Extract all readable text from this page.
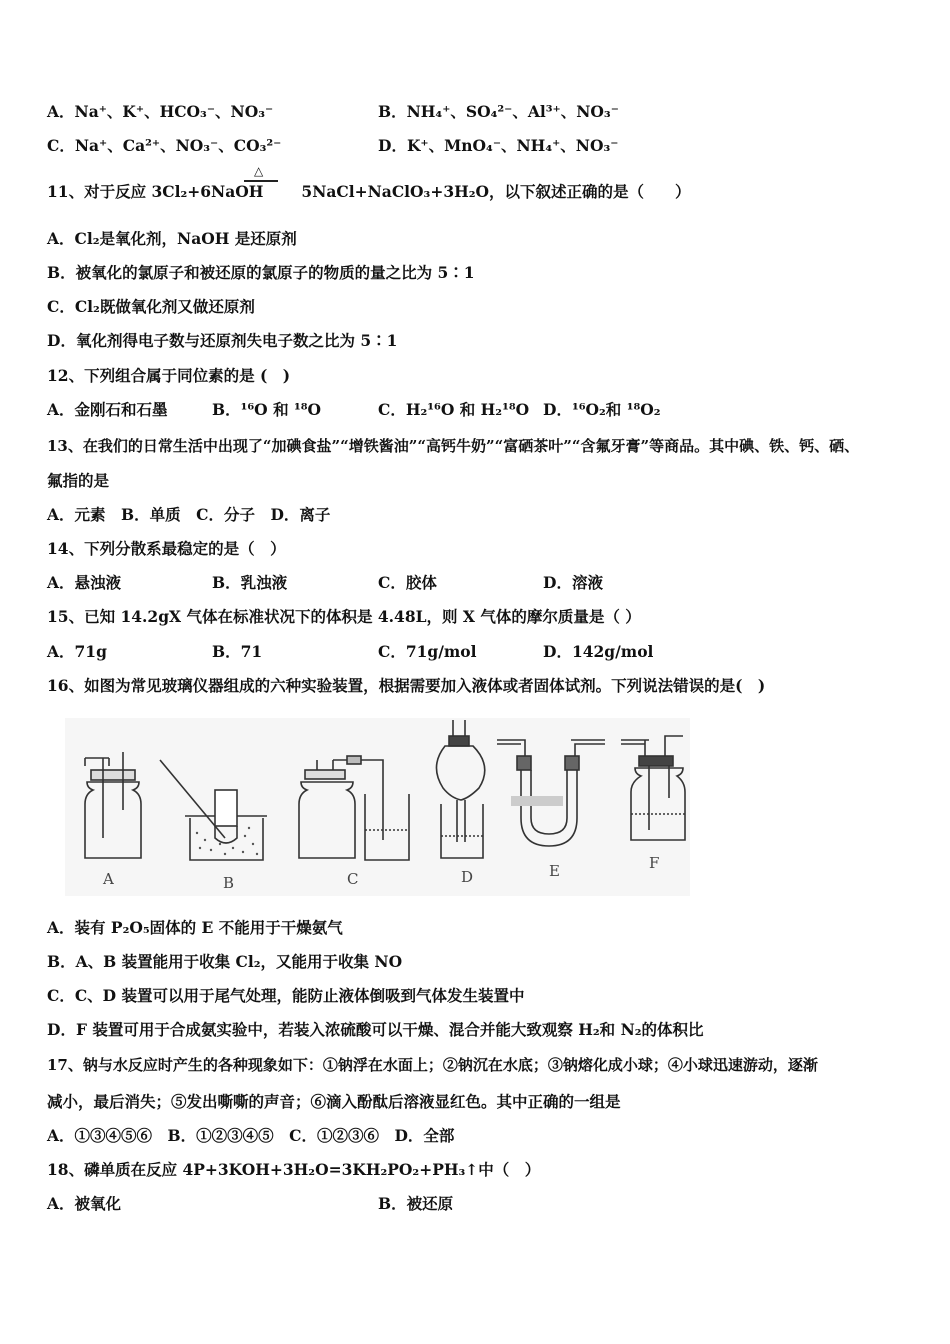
A．Na⁺、K⁺、HCO₃⁻、NO₃⁻	B．NH₄⁺、SO₄²⁻、Al³⁺、NO₃⁻
C．Na⁺、Ca²⁺、NO₃⁻、CO₃²⁻	D．K⁺、MnO₄⁻、NH₄⁺、NO₃⁻
11、对于反应 3Cl₂+6NaOH 5NaCl+NaClO₃+3H₂O，以下叙述正确的是（　　）
△
A．Cl₂是氧化剂，NaOH 是还原剂
B．被氧化的氯原子和被还原的氯原子的物质的量之比为 5∶1
C．Cl₂既做氧化剂又做还原剂
D．氧化剂得电子数与还原剂失电子数之比为 5∶1
12、下列组合属于同位素的是 (　)
A．金刚石和石墨	B．¹⁶O 和 ¹⁸O	C．H₂¹⁶O 和 H₂¹⁸O D．¹⁶O₂和 ¹⁸O₂
13、在我们的日常生活中出现了“加碘食盐”“增铁酱油”“高钙牛奶”“富硒茶叶”“含氟牙膏”等商品。其中碘、铁、钙、硒、
氟指的是
A．元素　B．单质　C．分子　D．离子
14、下列分散系最稳定的是（　）
A．悬浊液	B．乳浊液	C．胶体	D．溶液
15、已知 14.2gX 气体在标准状况下的体积是 4.48L，则 X 气体的摩尔质量是（ ）
A．71g	B．71	C．71g/mol	D．142g/mol
16、如图为常见玻璃仪器组成的六种实验装置，根据需要加入液体或者固体试剂。下列说法错误的是(　)
A	B	C	D	E	F
A．装有 P₂O₅固体的 E 不能用于干燥氨气
B．A、B 装置能用于收集 Cl₂，又能用于收集 NO
C．C、D 装置可以用于尾气处理，能防止液体倒吸到气体发生装置中
D．F 装置可用于合成氨实验中，若装入浓硫酸可以干燥、混合并能大致观察 H₂和 N₂的体积比
17、钠与水反应时产生的各种现象如下：①钠浮在水面上；②钠沉在水底；③钠熔化成小球；④小球迅速游动，逐渐
减小，最后消失；⑤发出嘶嘶的声音；⑥滴入酚酞后溶液显红色。其中正确的一组是
A．①③④⑤⑥　B．①②③④⑤　C．①②③⑥　D．全部
18、磷单质在反应 4P+3KOH+3H₂O=3KH₂PO₂+PH₃↑中（　）
A．被氧化	B．被还原
